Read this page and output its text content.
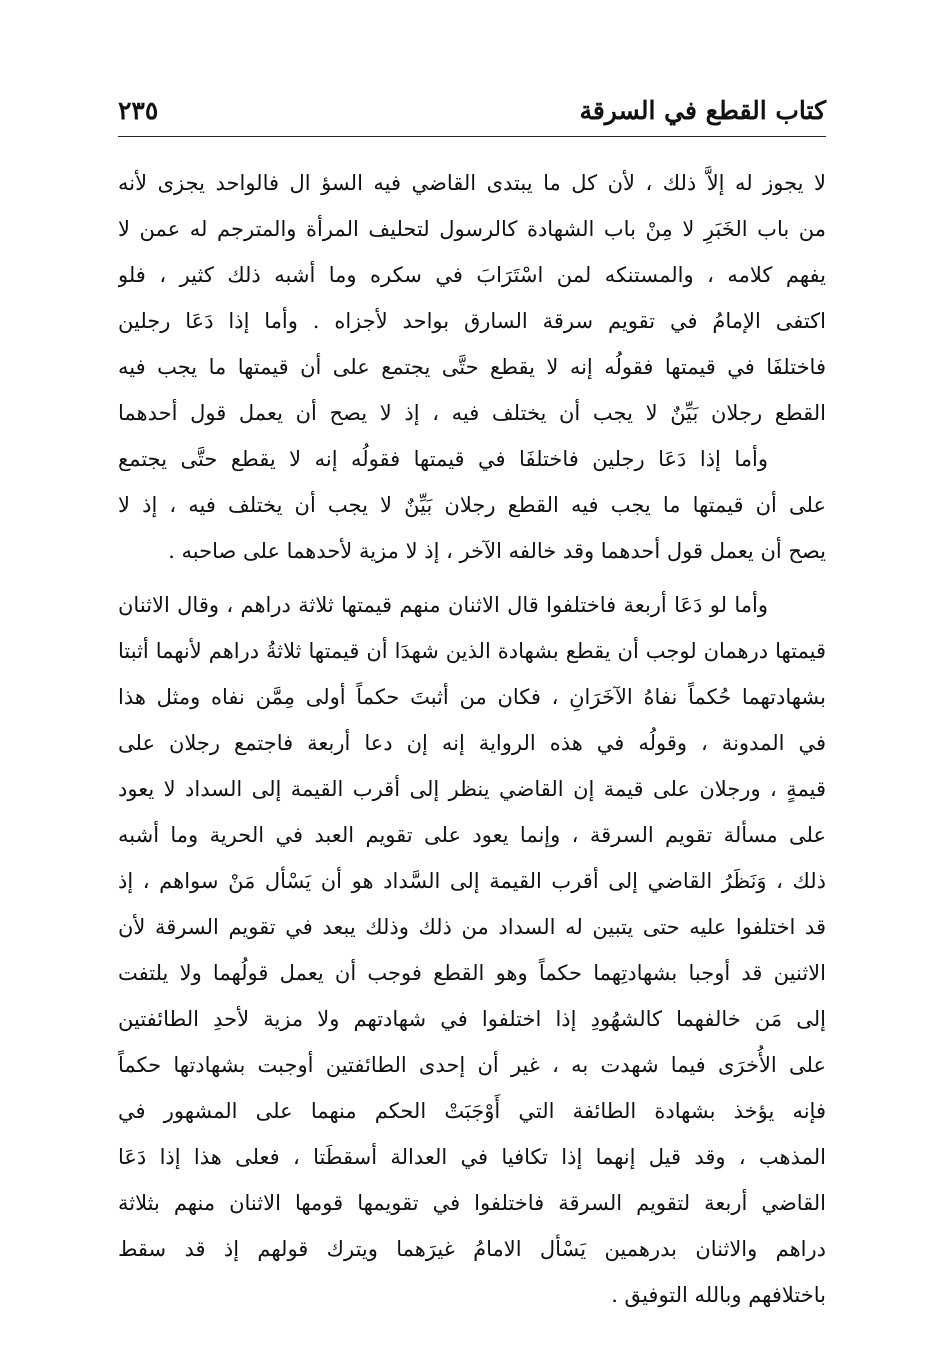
كتاب القطع في السرقة
٢٣٥
لا يجوز له إلاَّ ذلك ، لأن كل ما يبتدى القاضي فيه السؤ ال فالواحد يجزى لأنه
من باب الخَبَرِ لا مِنْ باب الشهادة كالرسول لتحليف المرأة والمترجم له عمن لا
يفهم كلامه ، والمستنكه لمن اسْتَرَابَ في سكره وما أشبه ذلك كثير ، فلو
اكتفى الإمامُ في تقويم سرقة السارق بواحد لأجزاه . وأما إذا دَعَا رجلين
فاختلفَا في قيمتها فقولُه إنه لا يقطع حتَّى يجتمع على أن قيمتها ما يجب فيه
القطع رجلان بَيِّنٌ لا يجب أن يختلف فيه ، إذ لا يصح أن يعمل قول أحدهما
وأما إذا دَعَا رجلين فاختلفَا في قيمتها فقولُه إنه لا يقطع حتَّى يجتمع
على أن قيمتها ما يجب فيه القطع رجلان بَيِّنٌ لا يجب أن يختلف فيه ، إذ لا
يصح أن يعمل قول أحدهما وقد خالفه الآخر ، إذ لا مزية لأحدهما على صاحبه .
وأما لو دَعَا أربعة فاختلفوا قال الاثنان منهم قيمتها ثلاثة دراهم ، وقال الاثنان
قيمتها درهمان لوجب أن يقطع بشهادة الذين شهدَا أن قيمتها ثلاثةُ دراهم لأنهما أثبتا
بشهادتهما حُكماً نفاهُ الآخَرَانِ ، فكان من أثبتَ حكماً أولى مِمَّن نفاه ومثل هذا
في المدونة ، وقولُه في هذه الرواية إنه إن دعا أربعة فاجتمع رجلان على
قيمةٍ ، ورجلان على قيمة إن القاضي ينظر إلى أقرب القيمة إلى السداد لا يعود
على مسألة تقويم السرقة ، وإنما يعود على تقويم العبد في الحرية وما أشبه
ذلك ، وَنَظَرُ القاضي إلى أقرب القيمة إلى السَّداد هو أن يَسْأل مَنْ سواهم ، إذ
قد اختلفوا عليه حتى يتبين له السداد من ذلك وذلك يبعد في تقويم السرقة لأن
الاثنين قد أوجبا بشهادتِهما حكماً وهو القطع فوجب أن يعمل قولُهما ولا يلتفت
إلى مَن خالفهما كالشهُودِ إذا اختلفوا في شهادتهم ولا مزية لأحدِ الطائفتين
على الأُخرَى فيما شهدت به ، غير أن إحدى الطائفتين أوجبت بشهادتها حكماً
فإنه يؤخذ بشهادة الطائفة التي أَوْجَبَتْ الحكم منهما على المشهور في
المذهب ، وقد قيل إنهما إذا تكافيا في العدالة أسقطَتا ، فعلى هذا إذا دَعَا
القاضي أربعة لتقويم السرقة فاختلفوا في تقويمها قومها الاثنان منهم بثلاثة
دراهم والاثنان بدرهمين يَسْأل الامامُ غيرَهما ويترك قولهم إذ قد سقط
باختلافهم وبالله التوفيق .
